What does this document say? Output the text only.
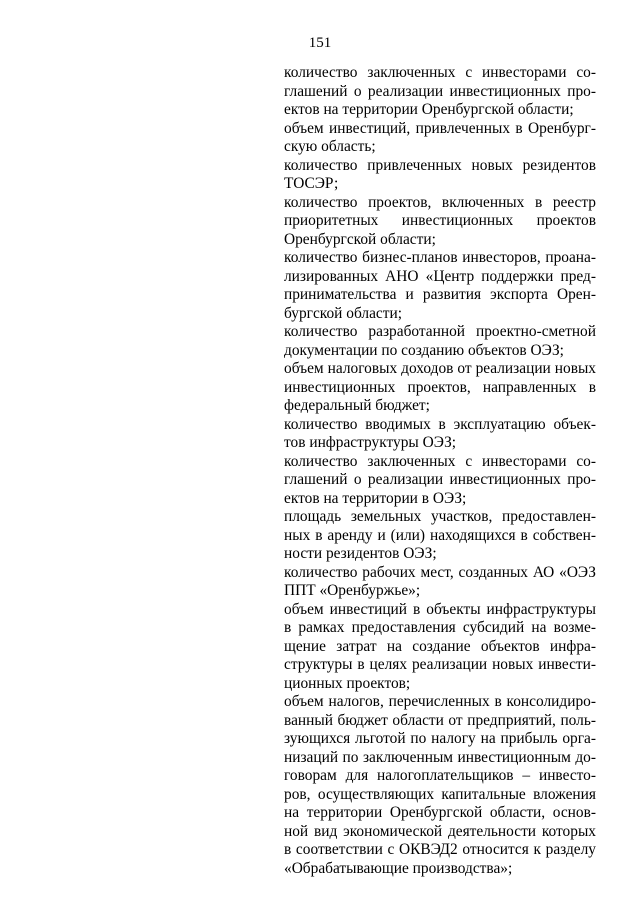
151
количество заключенных с инвесторами со-
глашений о реализации инвестиционных про-
ектов на территории Оренбургской области;
объем инвестиций, привлеченных в Оренбург-
скую область;
количество привлеченных новых резидентов
ТОСЭР;
количество проектов, включенных в реестр
приоритетных инвестиционных проектов
Оренбургской области;
количество бизнес-планов инвесторов, проана-
лизированных АНО «Центр поддержки пред-
принимательства и развития экспорта Орен-
бургской области;
количество разработанной проектно-сметной
документации по созданию объектов ОЭЗ;
объем налоговых доходов от реализации новых
инвестиционных проектов, направленных в
федеральный бюджет;
количество вводимых в эксплуатацию объек-
тов инфраструктуры ОЭЗ;
количество заключенных с инвесторами со-
глашений о реализации инвестиционных про-
ектов на территории в ОЭЗ;
площадь земельных участков, предоставлен-
ных в аренду и (или) находящихся в собствен-
ности резидентов ОЭЗ;
количество рабочих мест, созданных АО «ОЭЗ
ППТ «Оренбуржье»;
объем инвестиций в объекты инфраструктуры
в рамках предоставления субсидий на возме-
щение затрат на создание объектов инфра-
структуры в целях реализации новых инвести-
ционных проектов;
объем налогов, перечисленных в консолидиро-
ванный бюджет области от предприятий, поль-
зующихся льготой по налогу на прибыль орга-
низаций по заключенным инвестиционным до-
говорам для налогоплательщиков – инвесто-
ров, осуществляющих капитальные вложения
на территории Оренбургской области, основ-
ной вид экономической деятельности которых
в соответствии с ОКВЭД2 относится к разделу
«Обрабатывающие производства»;
